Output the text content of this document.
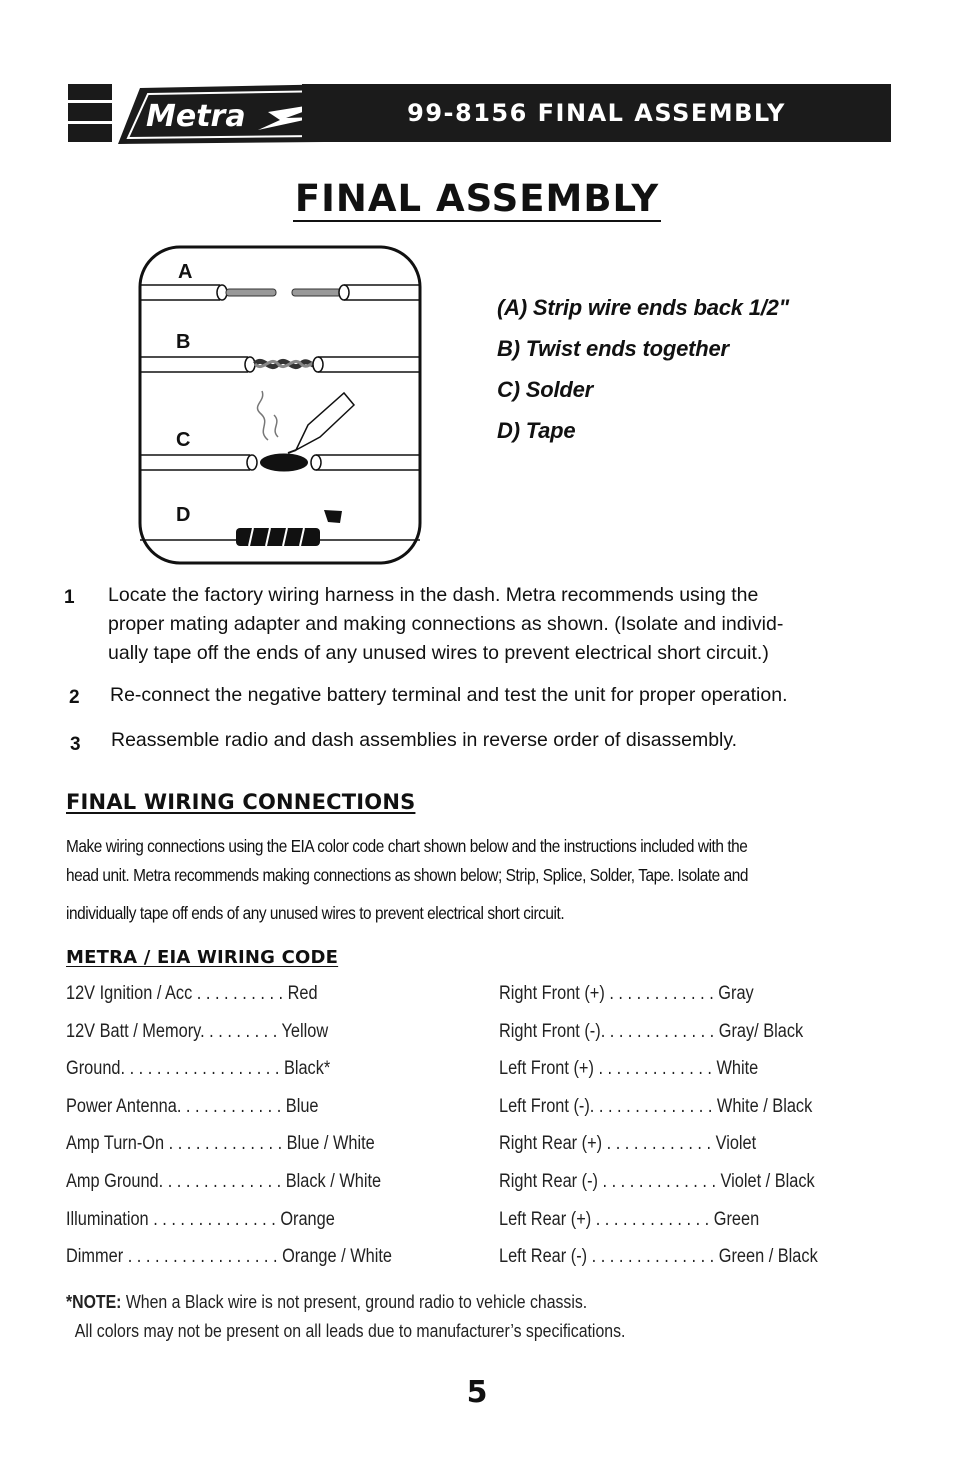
Metra	99-8156 FINAL ASSEMBLY
FINAL ASSEMBLY
A
B
C
D
(A) Strip wire ends back 1/2"
B) Twist ends together
C) Solder
D) Tape
1 Locate the factory wiring harness in the dash. Metra recommends using the
proper mating adapter and making connections as shown. (Isolate and individ-
ually tape off the ends of any unused wires to prevent electrical short circuit.)
2 Re-connect the negative battery terminal and test the unit for proper operation.
3 Reassemble radio and dash assemblies in reverse order of disassembly.
FINAL WIRING CONNECTIONS
Make wiring connections using the EIA color code chart shown below and the instructions included with the
head unit. Metra recommends making connections as shown below; Strip, Splice, Solder, Tape. Isolate and
individually tape off ends of any unused wires to prevent electrical short circuit.
METRA / EIA WIRING CODE
12V Ignition / Acc . . . . . . . . . . Red
12V Batt / Memory. . . . . . . . . Yellow
Ground. . . . . . . . . . . . . . . . . . Black*
Power Antenna. . . . . . . . . . . . Blue
Amp Turn-On . . . . . . . . . . . . . Blue / White
Amp Ground. . . . . . . . . . . . . . Black / White
Illumination . . . . . . . . . . . . . . Orange
Dimmer . . . . . . . . . . . . . . . . . Orange / White
Right Front (+) . . . . . . . . . . . . Gray
Right Front (-). . . . . . . . . . . . . Gray/ Black
Left Front (+) . . . . . . . . . . . . . White
Left Front (-). . . . . . . . . . . . . . White / Black
Right Rear (+) . . . . . . . . . . . . Violet
Right Rear (-) . . . . . . . . . . . . . Violet / Black
Left Rear (+) . . . . . . . . . . . . . Green
Left Rear (-) . . . . . . . . . . . . . . Green / Black
*NOTE: When a Black wire is not present, ground radio to vehicle chassis.
All colors may not be present on all leads due to manufacturer’s specifications.
5
